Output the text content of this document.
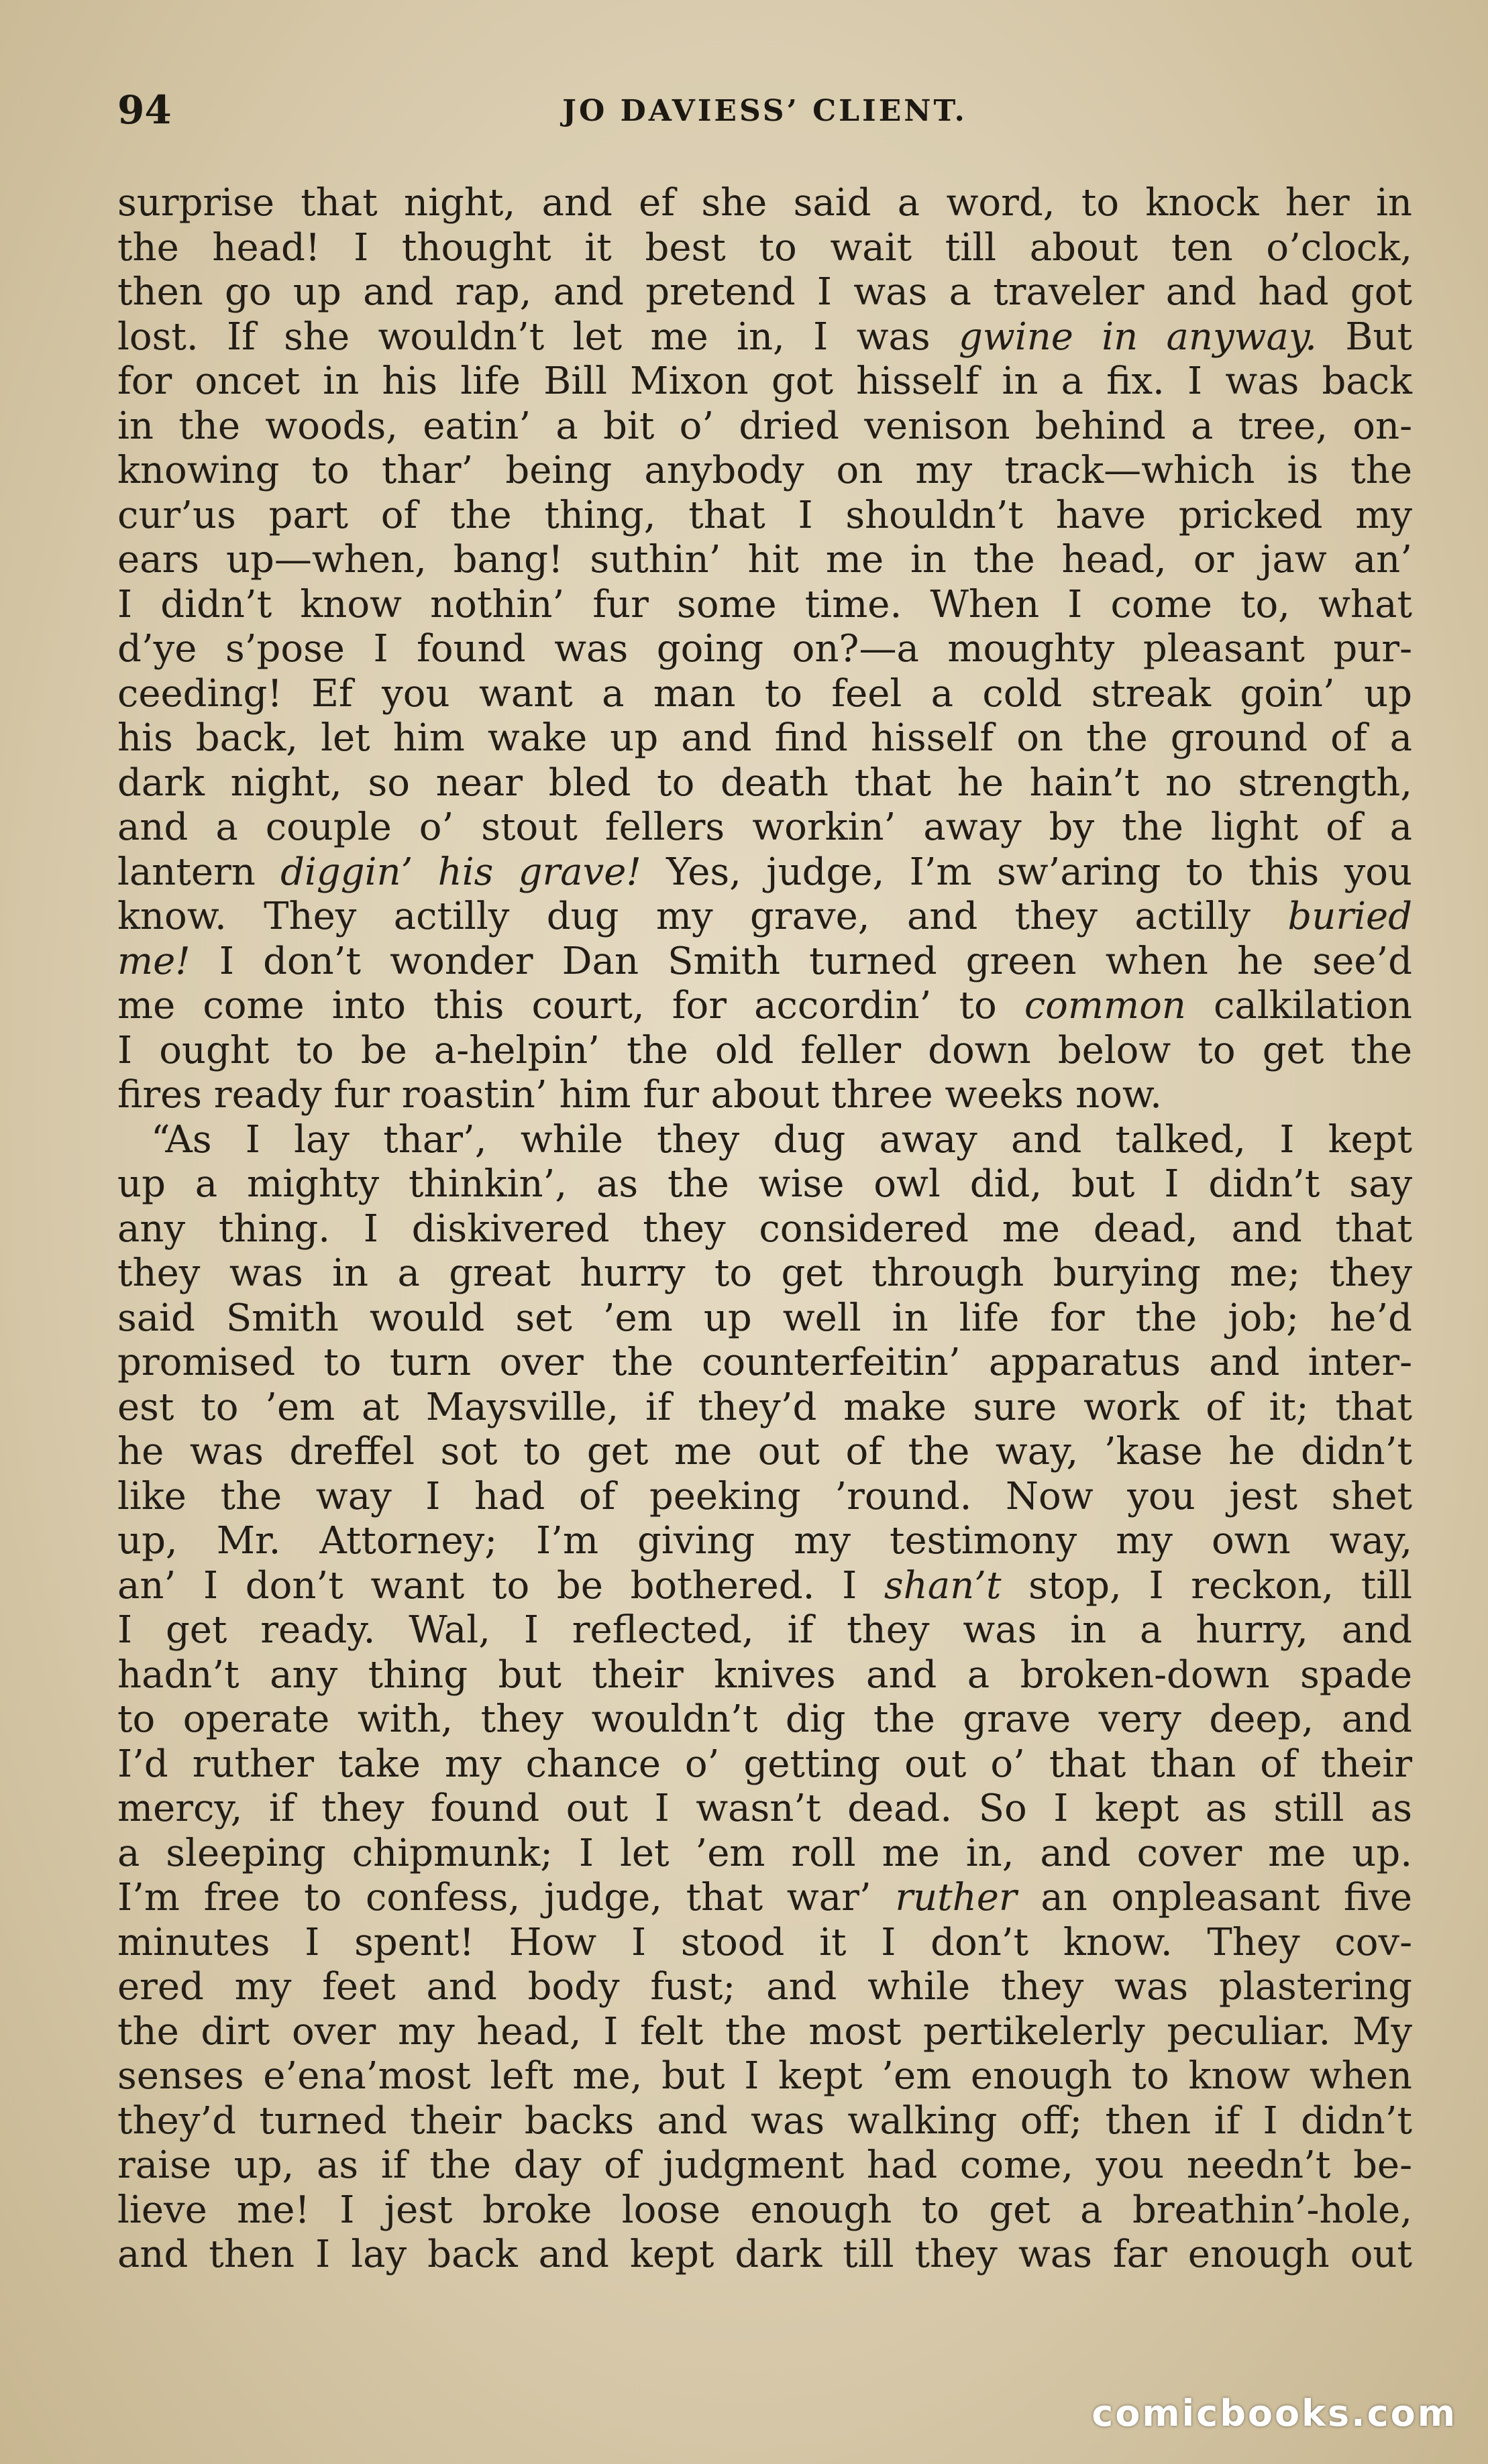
94	JO DAVIESS’ CLIENT.
surprise that night, and ef she said a word, to knock her in
the head! I thought it best to wait till about ten o’clock,
then go up and rap, and pretend I was a traveler and had got
lost. If she wouldn’t let me in, I was gwine in anyway. But
for oncet in his life Bill Mixon got hisself in a fix. I was back
in the woods, eatin’ a bit o’ dried venison behind a tree, on-
knowing to thar’ being anybody on my track—which is the
cur’us part of the thing, that I shouldn’t have pricked my
ears up—when, bang! suthin’ hit me in the head, or jaw an’
I didn’t know nothin’ fur some time. When I come to, what
d’ye s’pose I found was going on?—a moughty pleasant pur-
ceeding! Ef you want a man to feel a cold streak goin’ up
his back, let him wake up and find hisself on the ground of a
dark night, so near bled to death that he hain’t no strength,
and a couple o’ stout fellers workin’ away by the light of a
lantern diggin’ his grave! Yes, judge, I’m sw’aring to this you
know. They actilly dug my grave, and they actilly buried
me! I don’t wonder Dan Smith turned green when he see’d
me come into this court, for accordin’ to common calkilation
I ought to be a-helpin’ the old feller down below to get the
fires ready fur roastin’ him fur about three weeks now.
“As I lay thar’, while they dug away and talked, I kept
up a mighty thinkin’, as the wise owl did, but I didn’t say
any thing. I diskivered they considered me dead, and that
they was in a great hurry to get through burying me; they
said Smith would set ’em up well in life for the job; he’d
promised to turn over the counterfeitin’ apparatus and inter-
est to ’em at Maysville, if they’d make sure work of it; that
he was dreffel sot to get me out of the way, ’kase he didn’t
like the way I had of peeking ’round. Now you jest shet
up, Mr. Attorney; I’m giving my testimony my own way,
an’ I don’t want to be bothered. I shan’t stop, I reckon, till
I get ready. Wal, I reflected, if they was in a hurry, and
hadn’t any thing but their knives and a broken-down spade
to operate with, they wouldn’t dig the grave very deep, and
I’d ruther take my chance o’ getting out o’ that than of their
mercy, if they found out I wasn’t dead. So I kept as still as
a sleeping chipmunk; I let ’em roll me in, and cover me up.
I’m free to confess, judge, that war’ ruther an onpleasant five
minutes I spent! How I stood it I don’t know. They cov-
ered my feet and body fust; and while they was plastering
the dirt over my head, I felt the most pertikelerly peculiar. My
senses e’ena’most left me, but I kept ’em enough to know when
they’d turned their backs and was walking off; then if I didn’t
raise up, as if the day of judgment had come, you needn’t be-
lieve me! I jest broke loose enough to get a breathin’-hole,
and then I lay back and kept dark till they was far enough out
comicbooks.com
